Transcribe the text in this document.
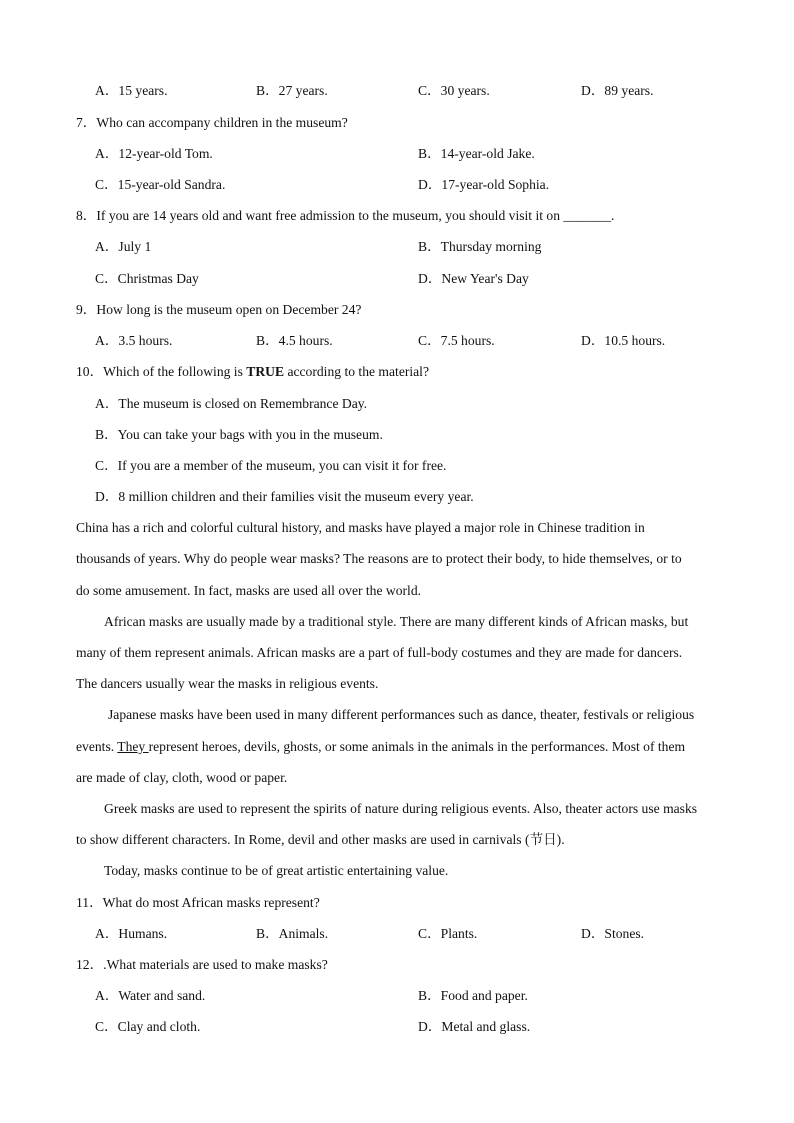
A．15 years.	B．27 years.	C．30 years.	D．89 years.
7．Who can accompany children in the museum?
A．12-year-old Tom.	B．14-year-old Jake.
C．15-year-old Sandra.	D．17-year-old Sophia.
8．If you are 14 years old and want free admission to the museum, you should visit it on _______.
A．July 1	B．Thursday morning
C．Christmas Day	D．New Year's Day
9．How long is the museum open on December 24?
A．3.5 hours.	B．4.5 hours.	C．7.5 hours.	D．10.5 hours.
10．Which of the following is TRUE according to the material?
A．The museum is closed on Remembrance Day.
B．You can take your bags with you in the museum.
C．If you are a member of the museum, you can visit it for free.
D．8 million children and their families visit the museum every year.
China has a rich and colorful cultural history, and masks have played a major role in Chinese tradition in
thousands of years. Why do people wear masks? The reasons are to protect their body, to hide themselves, or to
do some amusement. In fact, masks are used all over the world.
African masks are usually made by a traditional style. There are many different kinds of African masks, but
many of them represent animals. African masks are a part of full-body costumes and they are made for dancers.
The dancers usually wear the masks in religious events.
Japanese masks have been used in many different performances such as dance, theater, festivals or religious
events. They represent heroes, devils, ghosts, or some animals in the animals in the performances. Most of them
are made of clay, cloth, wood or paper.
Greek masks are used to represent the spirits of nature during religious events. Also, theater actors use masks
to show different characters. In Rome, devil and other masks are used in carnivals (节日).
Today, masks continue to be of great artistic entertaining value.
11．What do most African masks represent?
A．Humans.	B．Animals.	C．Plants.	D．Stones.
12．.What materials are used to make masks?
A．Water and sand.	B．Food and paper.
C．Clay and cloth.	D．Metal and glass.
